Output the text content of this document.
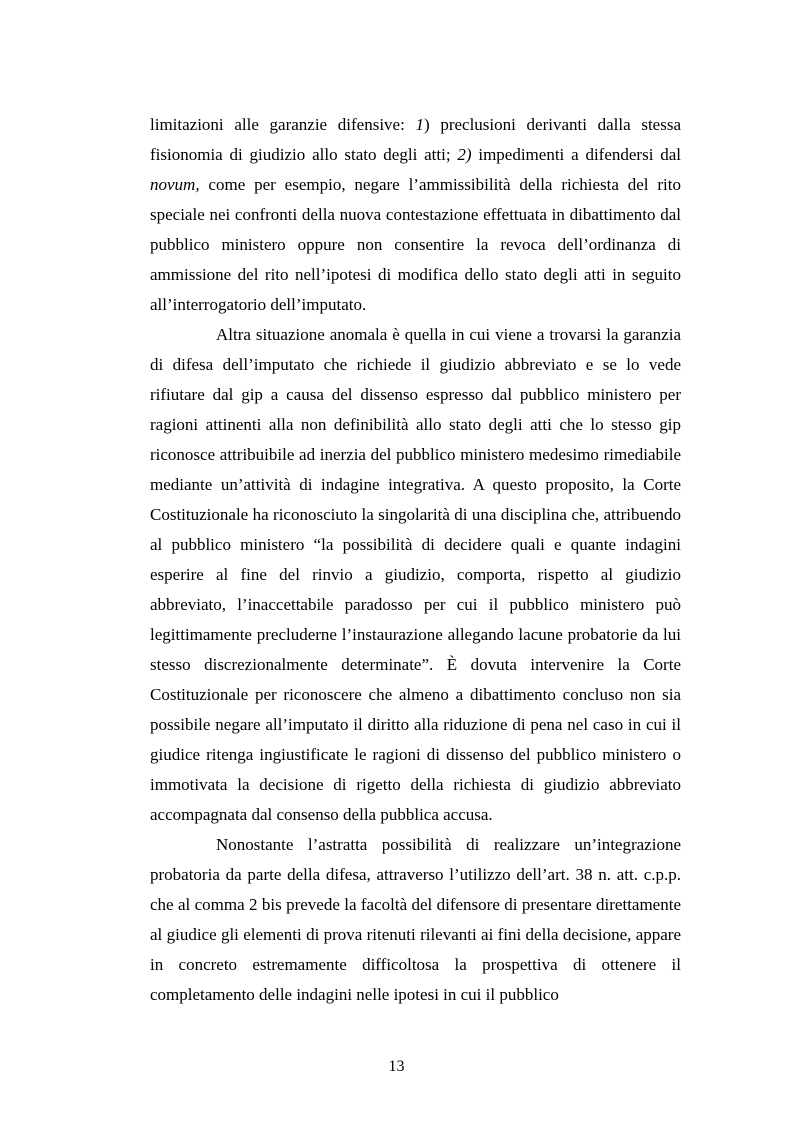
limitazioni alle garanzie difensive: 1) preclusioni derivanti dalla stessa fisionomia di giudizio allo stato degli atti; 2) impedimenti a difendersi dal novum, come per esempio, negare l’ammissibilità della richiesta del rito speciale nei confronti della nuova contestazione effettuata in dibattimento dal pubblico ministero oppure non consentire la revoca dell’ordinanza di ammissione del rito nell’ipotesi di modifica dello stato degli atti in seguito all’interrogatorio dell’imputato.

Altra situazione anomala è quella in cui viene a trovarsi la garanzia di difesa dell’imputato che richiede il giudizio abbreviato e se lo vede rifiutare dal gip a causa del dissenso espresso dal pubblico ministero per ragioni attinenti alla non definibilità allo stato degli atti che lo stesso gip riconosce attribuibile ad inerzia del pubblico ministero medesimo rimediabile mediante un’attività di indagine integrativa. A questo proposito, la Corte Costituzionale ha riconosciuto la singolarità di una disciplina che, attribuendo al pubblico ministero “la possibilità di decidere quali e quante indagini esperire al fine del rinvio a giudizio, comporta, rispetto al giudizio abbreviato, l’inaccettabile paradosso per cui il pubblico ministero può legittimamente precluderne l’instaurazione allegando lacune probatorie da lui stesso discrezionalmente determinate”. È dovuta intervenire la Corte Costituzionale per riconoscere che almeno a dibattimento concluso non sia possibile negare all’imputato il diritto alla riduzione di pena nel caso in cui il giudice ritenga ingiustificate le ragioni di dissenso del pubblico ministero o immotivata la decisione di rigetto della richiesta di giudizio abbreviato accompagnata dal consenso della pubblica accusa.

Nonostante l’astratta possibilità di realizzare un’integrazione probatoria da parte della difesa, attraverso l’utilizzo dell’art. 38 n. att. c.p.p. che al comma 2 bis prevede la facoltà del difensore di presentare direttamente al giudice gli elementi di prova ritenuti rilevanti ai fini della decisione, appare in concreto estremamente difficoltosa la prospettiva di ottenere il completamento delle indagini nelle ipotesi in cui il pubblico

13
